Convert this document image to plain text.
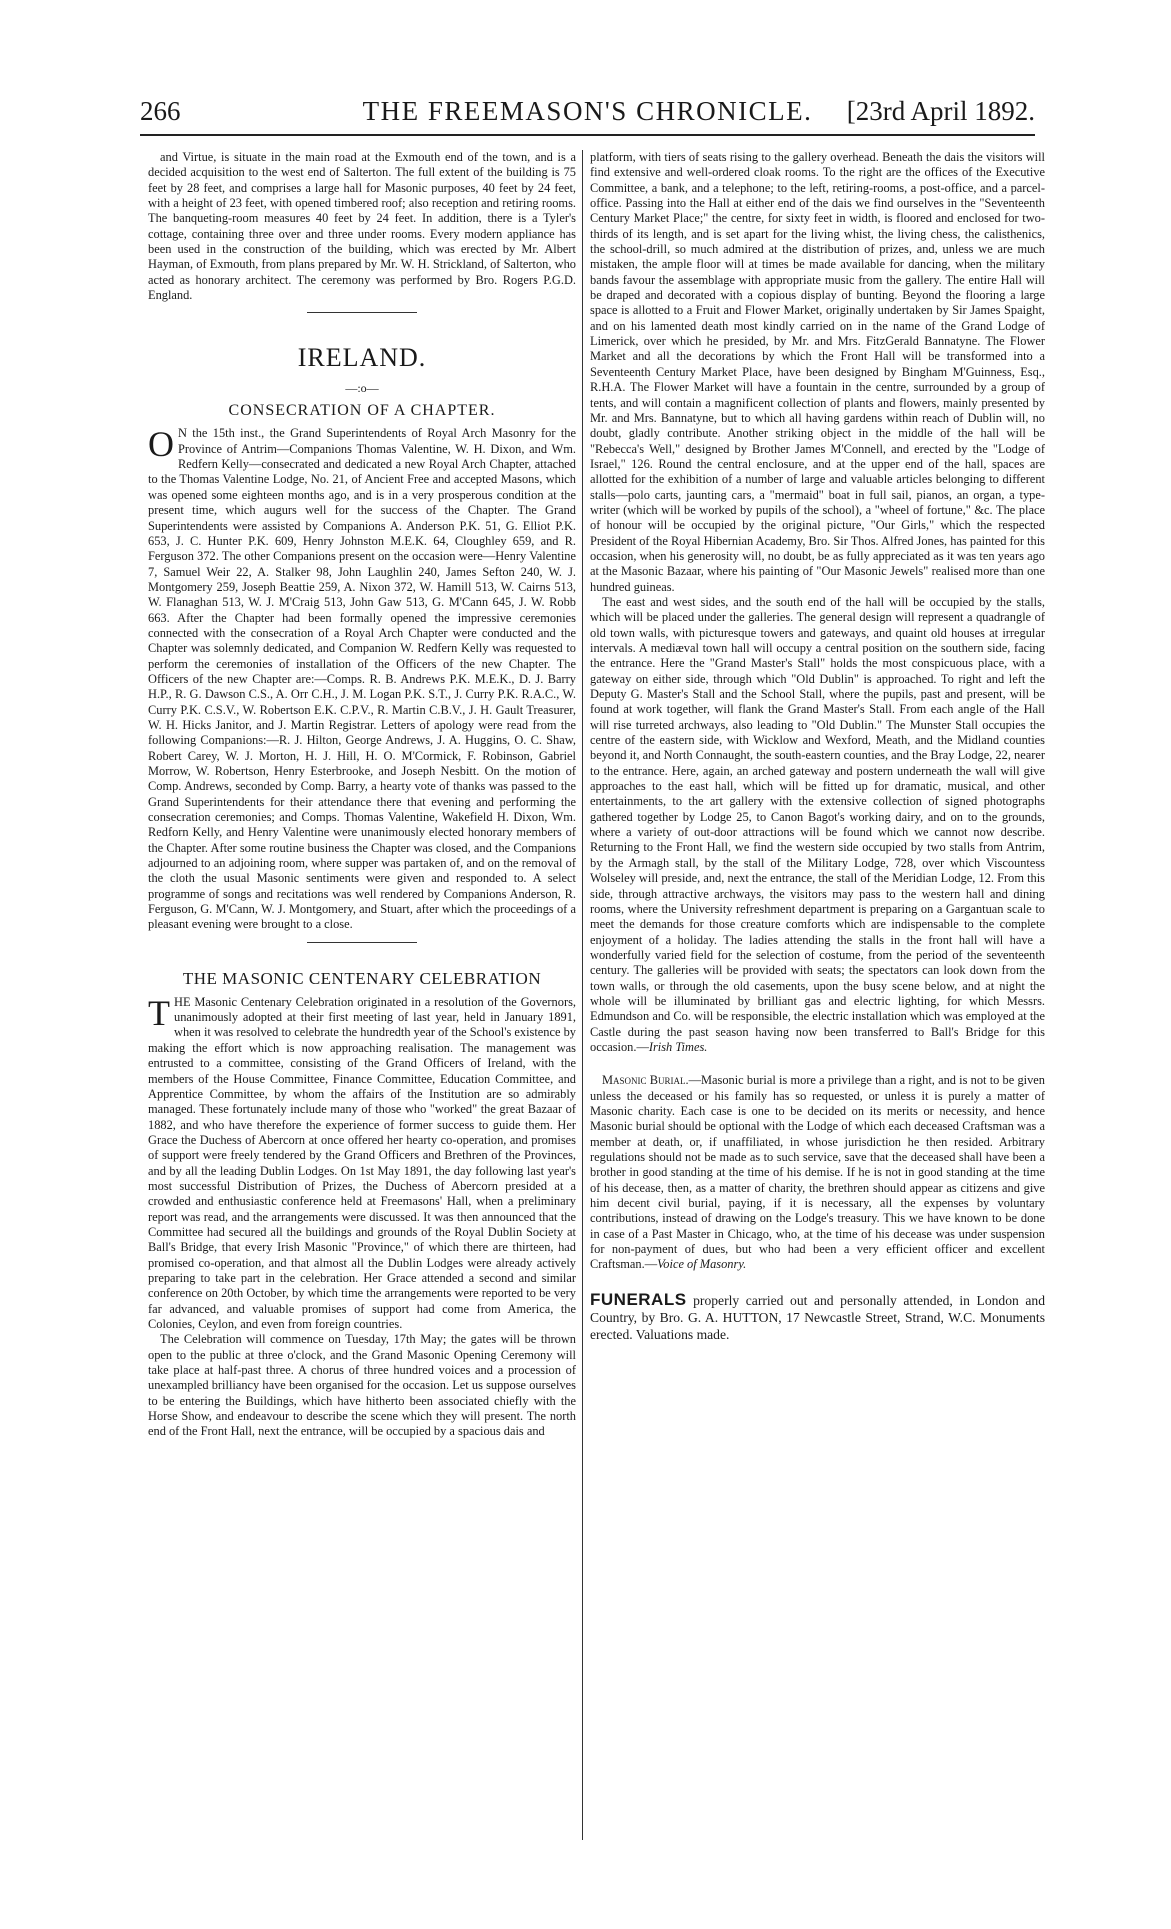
266	THE FREEMASON'S CHRONICLE.	[23rd April 1892.

and Virtue, is situate in the main road at the Exmouth end of the town, and is a decided acquisition to the west end of Salterton. The full extent of the building is 75 feet by 28 feet, and comprises a large hall for Masonic purposes, 40 feet by 24 feet, with a height of 23 feet, with opened timbered roof; also reception and retiring rooms. The banqueting-room measures 40 feet by 24 feet. In addition, there is a Tyler's cottage, containing three over and three under rooms. Every modern appliance has been used in the construction of the building, which was erected by Mr. Albert Hayman, of Exmouth, from plans prepared by Mr. W. H. Strickland, of Salterton, who acted as honorary architect. The ceremony was performed by Bro. Rogers P.G.D. England.

IRELAND.
—:o—
CONSECRATION OF A CHAPTER.

O N the 15th inst., the Grand Superintendents of Royal Arch Masonry for the Province of Antrim—Companions Thomas Valentine, W. H. Dixon, and Wm. Redfern Kelly—consecrated and dedicated a new Royal Arch Chapter, attached to the Thomas Valentine Lodge, No. 21, of Ancient Free and accepted Masons, which was opened some eighteen months ago, and is in a very prosperous condition at the present time, which augurs well for the success of the Chapter. The Grand Superintendents were assisted by Companions A. Anderson P.K. 51, G. Elliot P.K. 653, J. C. Hunter P.K. 609, Henry Johnston M.E.K. 64, Cloughley 659, and R. Ferguson 372. The other Companions present on the occasion were—Henry Valentine 7, Samuel Weir 22, A. Stalker 98, John Laughlin 240, James Sefton 240, W. J. Montgomery 259, Joseph Beattie 259, A. Nixon 372, W. Hamill 513, W. Cairns 513, W. Flanaghan 513, W. J. M'Craig 513, John Gaw 513, G. M'Cann 645, J. W. Robb 663. After the Chapter had been formally opened the impressive ceremonies connected with the consecration of a Royal Arch Chapter were conducted and the Chapter was solemnly dedicated, and Companion W. Redfern Kelly was requested to perform the ceremonies of installation of the Officers of the new Chapter. The Officers of the new Chapter are:—Comps. R. B. Andrews P.K. M.E.K., D. J. Barry H.P., R. G. Dawson C.S., A. Orr C.H., J. M. Logan P.K. S.T., J. Curry P.K. R.A.C., W. Curry P.K. C.S.V., W. Robertson E.K. C.P.V., R. Martin C.B.V., J. H. Gault Treasurer, W. H. Hicks Janitor, and J. Martin Registrar. Letters of apology were read from the following Companions:—R. J. Hilton, George Andrews, J. A. Huggins, O. C. Shaw, Robert Carey, W. J. Morton, H. J. Hill, H. O. M'Cormick, F. Robinson, Gabriel Morrow, W. Robertson, Henry Esterbrooke, and Joseph Nesbitt. On the motion of Comp. Andrews, seconded by Comp. Barry, a hearty vote of thanks was passed to the Grand Superintendents for their attendance there that evening and performing the consecration ceremonies; and Comps. Thomas Valentine, Wakefield H. Dixon, Wm. Redforn Kelly, and Henry Valentine were unanimously elected honorary members of the Chapter. After some routine business the Chapter was closed, and the Companions adjourned to an adjoining room, where supper was partaken of, and on the removal of the cloth the usual Masonic sentiments were given and responded to. A select programme of songs and recitations was well rendered by Companions Anderson, R. Ferguson, G. M'Cann, W. J. Montgomery, and Stuart, after which the proceedings of a pleasant evening were brought to a close.

THE MASONIC CENTENARY CELEBRATION

THE Masonic Centenary Celebration originated in a resolution of the Governors, unanimously adopted at their first meeting of last year, held in January 1891, when it was resolved to celebrate the hundredth year of the School's existence by making the effort which is now approaching realisation. The management was entrusted to a committee, consisting of the Grand Officers of Ireland, with the members of the House Committee, Finance Committee, Education Committee, and Apprentice Committee, by whom the affairs of the Institution are so admirably managed. These fortunately include many of those who "worked" the great Bazaar of 1882, and who have therefore the experience of former success to guide them. Her Grace the Duchess of Abercorn at once offered her hearty co-operation, and promises of support were freely tendered by the Grand Officers and Brethren of the Provinces, and by all the leading Dublin Lodges. On 1st May 1891, the day following last year's most successful Distribution of Prizes, the Duchess of Abercorn presided at a crowded and enthusiastic conference held at Freemasons' Hall, when a preliminary report was read, and the arrangements were discussed. It was then announced that the Committee had secured all the buildings and grounds of the Royal Dublin Society at Ball's Bridge, that every Irish Masonic "Province," of which there are thirteen, had promised co-operation, and that almost all the Dublin Lodges were already actively preparing to take part in the celebration. Her Grace attended a second and similar conference on 20th October, by which time the arrangements were reported to be very far advanced, and valuable promises of support had come from America, the Colonies, Ceylon, and even from foreign countries.

The Celebration will commence on Tuesday, 17th May; the gates will be thrown open to the public at three o'clock, and the Grand Masonic Opening Ceremony will take place at half-past three. A chorus of three hundred voices and a procession of unexampled brilliancy have been organised for the occasion. Let us suppose ourselves to be entering the Buildings, which have hitherto been associated chiefly with the Horse Show, and endeavour to describe the scene which they will present. The north end of the Front Hall, next the entrance, will be occupied by a spacious dais and

platform, with tiers of seats rising to the gallery overhead. Beneath the dais the visitors will find extensive and well-ordered cloak rooms. To the right are the offices of the Executive Committee, a bank, and a telephone; to the left, retiring-rooms, a post-office, and a parcel-office. Passing into the Hall at either end of the dais we find ourselves in the "Seventeenth Century Market Place;" the centre, for sixty feet in width, is floored and enclosed for two-thirds of its length, and is set apart for the living whist, the living chess, the calisthenics, the school-drill, so much admired at the distribution of prizes, and, unless we are much mistaken, the ample floor will at times be made available for dancing, when the military bands favour the assemblage with appropriate music from the gallery. The entire Hall will be draped and decorated with a copious display of bunting. Beyond the flooring a large space is allotted to a Fruit and Flower Market, originally undertaken by Sir James Spaight, and on his lamented death most kindly carried on in the name of the Grand Lodge of Limerick, over which he presided, by Mr. and Mrs. FitzGerald Bannatyne. The Flower Market and all the decorations by which the Front Hall will be transformed into a Seventeenth Century Market Place, have been designed by Bingham M'Guinness, Esq., R.H.A. The Flower Market will have a fountain in the centre, surrounded by a group of tents, and will contain a magnificent collection of plants and flowers, mainly presented by Mr. and Mrs. Bannatyne, but to which all having gardens within reach of Dublin will, no doubt, gladly contribute. Another striking object in the middle of the hall will be "Rebecca's Well," designed by Brother James M'Connell, and erected by the "Lodge of Israel," 126. Round the central enclosure, and at the upper end of the hall, spaces are allotted for the exhibition of a number of large and valuable articles belonging to different stalls—polo carts, jaunting cars, a "mermaid" boat in full sail, pianos, an organ, a type-writer (which will be worked by pupils of the school), a "wheel of fortune," &c. The place of honour will be occupied by the original picture, "Our Girls," which the respected President of the Royal Hibernian Academy, Bro. Sir Thos. Alfred Jones, has painted for this occasion, when his generosity will, no doubt, be as fully appreciated as it was ten years ago at the Masonic Bazaar, where his painting of "Our Masonic Jewels" realised more than one hundred guineas.

The east and west sides, and the south end of the hall will be occupied by the stalls, which will be placed under the galleries. The general design will represent a quadrangle of old town walls, with picturesque towers and gateways, and quaint old houses at irregular intervals. A mediæval town hall will occupy a central position on the southern side, facing the entrance. Here the "Grand Master's Stall" holds the most conspicuous place, with a gateway on either side, through which "Old Dublin" is approached. To right and left the Deputy G. Master's Stall and the School Stall, where the pupils, past and present, will be found at work together, will flank the Grand Master's Stall. From each angle of the Hall will rise turreted archways, also leading to "Old Dublin." The Munster Stall occupies the centre of the eastern side, with Wicklow and Wexford, Meath, and the Midland counties beyond it, and North Connaught, the south-eastern counties, and the Bray Lodge, 22, nearer to the entrance. Here, again, an arched gateway and postern underneath the wall will give approaches to the east hall, which will be fitted up for dramatic, musical, and other entertainments, to the art gallery with the extensive collection of signed photographs gathered together by Lodge 25, to Canon Bagot's working dairy, and on to the grounds, where a variety of out-door attractions will be found which we cannot now describe. Returning to the Front Hall, we find the western side occupied by two stalls from Antrim, by the Armagh stall, by the stall of the Military Lodge, 728, over which Viscountess Wolseley will preside, and, next the entrance, the stall of the Meridian Lodge, 12. From this side, through attractive archways, the visitors may pass to the western hall and dining rooms, where the University refreshment department is preparing on a Gargantuan scale to meet the demands for those creature comforts which are indispensable to the complete enjoyment of a holiday. The ladies attending the stalls in the front hall will have a wonderfully varied field for the selection of costume, from the period of the seventeenth century. The galleries will be provided with seats; the spectators can look down from the town walls, or through the old casements, upon the busy scene below, and at night the whole will be illuminated by brilliant gas and electric lighting, for which Messrs. Edmundson and Co. will be responsible, the electric installation which was employed at the Castle during the past season having now been transferred to Ball's Bridge for this occasion.—Irish Times.

Masonic Burial.—Masonic burial is more a privilege than a right, and is not to be given unless the deceased or his family has so requested, or unless it is purely a matter of Masonic charity. Each case is one to be decided on its merits or necessity, and hence Masonic burial should be optional with the Lodge of which each deceased Craftsman was a member at death, or, if unaffiliated, in whose jurisdiction he then resided. Arbitrary regulations should not be made as to such service, save that the deceased shall have been a brother in good standing at the time of his demise. If he is not in good standing at the time of his decease, then, as a matter of charity, the brethren should appear as citizens and give him decent civil burial, paying, if it is necessary, all the expenses by voluntary contributions, instead of drawing on the Lodge's treasury. This we have known to be done in case of a Past Master in Chicago, who, at the time of his decease was under suspension for non-payment of dues, but who had been a very efficient officer and excellent Craftsman.—Voice of Masonry.

FUNERALS properly carried out and personally attended, in London and Country, by Bro. G. A. HUTTON, 17 Newcastle Street, Strand, W.C. Monuments erected. Valuations made.
